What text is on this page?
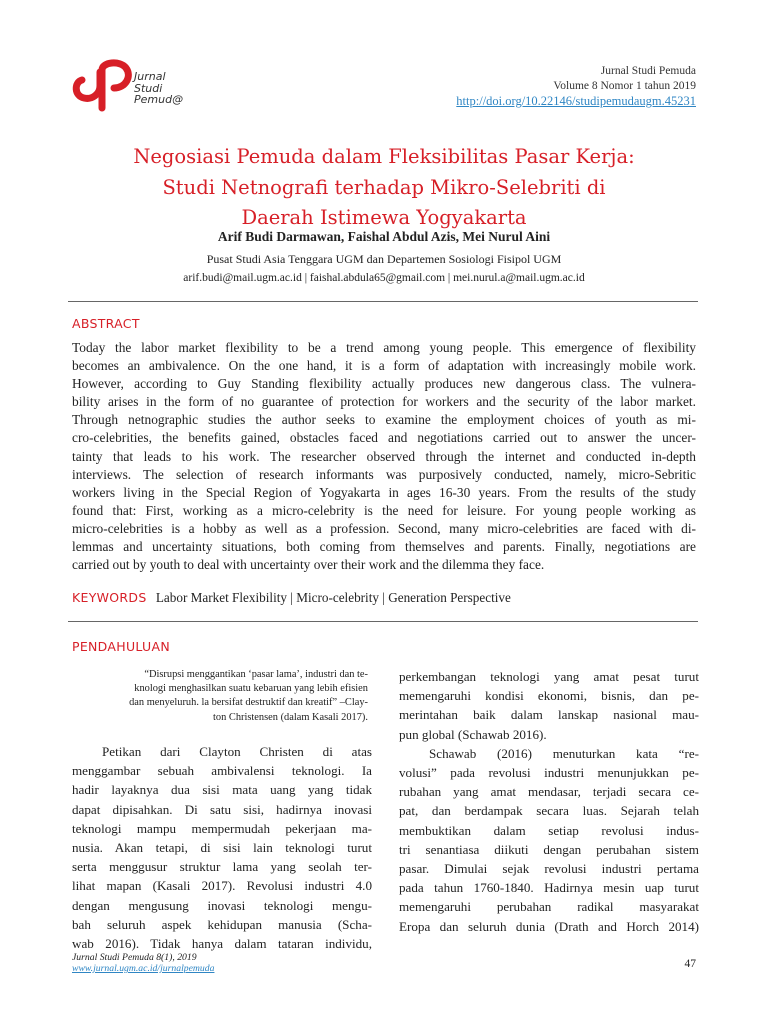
Jurnal
Studi
Pemud@
Jurnal Studi Pemuda
Volume 8 Nomor 1 tahun 2019
http://doi.org/10.22146/studipemudaugm.45231
Negosiasi Pemuda dalam Fleksibilitas Pasar Kerja:
Studi Netnografi terhadap Mikro-Selebriti di
Daerah Istimewa Yogyakarta
Arif Budi Darmawan, Faishal Abdul Azis, Mei Nurul Aini
Pusat Studi Asia Tenggara UGM dan Departemen Sosiologi Fisipol UGM
arif.budi@mail.ugm.ac.id | faishal.abdula65@gmail.com | mei.nurul.a@mail.ugm.ac.id
ABSTRACT
Today the labor market flexibility to be a trend among young people. This emergence of flexibility
becomes an ambivalence. On the one hand, it is a form of adaptation with increasingly mobile work.
However, according to Guy Standing flexibility actually produces new dangerous class. The vulnera-
bility arises in the form of no guarantee of protection for workers and the security of the labor market.
Through netnographic studies the author seeks to examine the employment choices of youth as mi-
cro-celebrities, the benefits gained, obstacles faced and negotiations carried out to answer the uncer-
tainty that leads to his work. The researcher observed through the internet and conducted in-depth
interviews. The selection of research informants was purposively conducted, namely, micro-Sebritic
workers living in the Special Region of Yogyakarta in ages 16-30 years. From the results of the study
found that: First, working as a micro-celebrity is the need for leisure. For young people working as
micro-celebrities is a hobby as well as a profession. Second, many micro-celebrities are faced with di-
lemmas and uncertainty situations, both coming from themselves and parents. Finally, negotiations are
carried out by youth to deal with uncertainty over their work and the dilemma they face.
KEYWORDS Labor Market Flexibility | Micro-celebrity | Generation Perspective
PENDAHULUAN
“Disrupsi menggantikan ‘pasar lama’, industri dan te-
knologi menghasilkan suatu kebaruan yang lebih efisien
dan menyeluruh. la bersifat destruktif dan kreatif” –Clay-
ton Christensen (dalam Kasali 2017).
Petikan dari Clayton Christen di atas
menggambar sebuah ambivalensi teknologi. Ia
hadir layaknya dua sisi mata uang yang tidak
dapat dipisahkan. Di satu sisi, hadirnya inovasi
teknologi mampu mempermudah pekerjaan ma-
nusia. Akan tetapi, di sisi lain teknologi turut
serta menggusur struktur lama yang seolah ter-
lihat mapan (Kasali 2017). Revolusi industri 4.0
dengan mengusung inovasi teknologi mengu-
bah seluruh aspek kehidupan manusia (Scha-
wab 2016). Tidak hanya dalam tataran individu,
perkembangan teknologi yang amat pesat turut
memengaruhi kondisi ekonomi, bisnis, dan pe-
merintahan baik dalam lanskap nasional mau-
pun global (Schawab 2016).
Schawab (2016) menuturkan kata “re-
volusi” pada revolusi industri menunjukkan pe-
rubahan yang amat mendasar, terjadi secara ce-
pat, dan berdampak secara luas. Sejarah telah
membuktikan dalam setiap revolusi indus-
tri senantiasa diikuti dengan perubahan sistem
pasar. Dimulai sejak revolusi industri pertama
pada tahun 1760-1840. Hadirnya mesin uap turut
memengaruhi perubahan radikal masyarakat
Eropa dan seluruh dunia (Drath and Horch 2014)
Jurnal Studi Pemuda 8(1), 2019
www.jurnal.ugm.ac.id/jurnalpemuda	47
